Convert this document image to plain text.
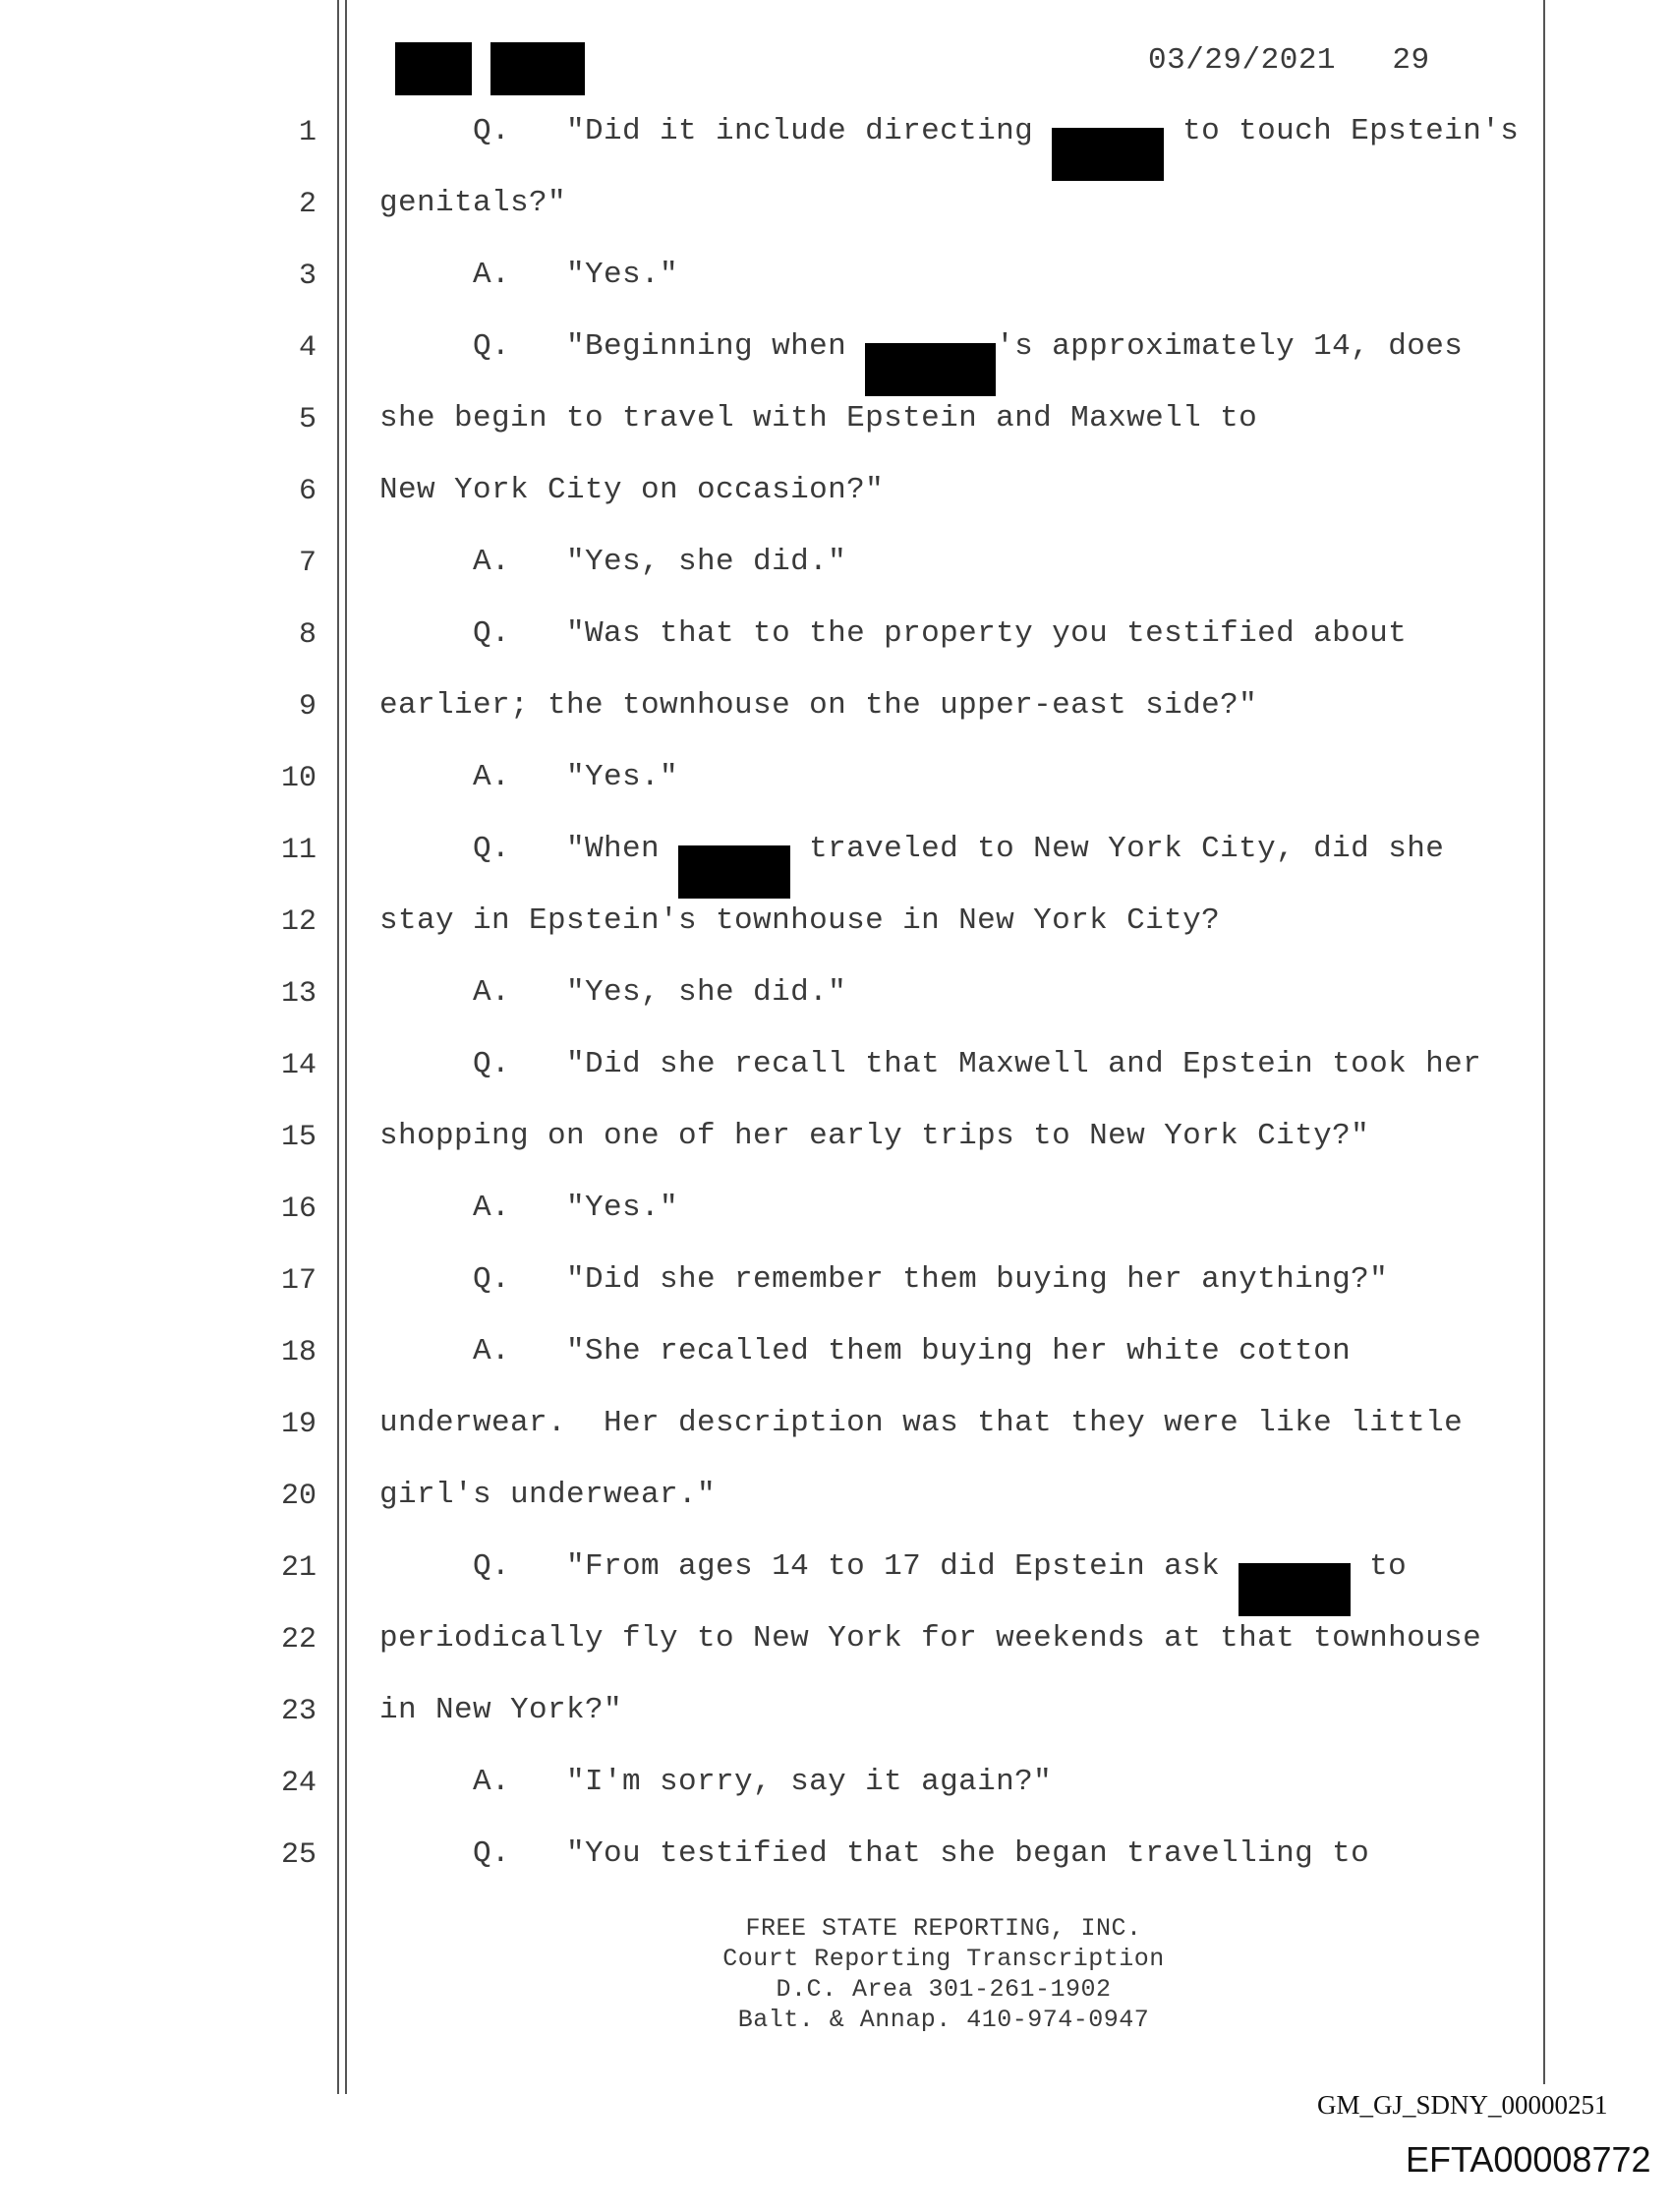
03/29/2021 29
1 Q.   "Did it include directing	to touch Epstein's
2 genitals?"
3 A.   "Yes."
4 Q.   "Beginning when	's approximately 14, does
5 she begin to travel with Epstein and Maxwell to
6 New York City on occasion?"
7 A.   "Yes, she did."
8 Q.   "Was that to the property you testified about
9 earlier; the townhouse on the upper-east side?"
10 A.   "Yes."
11 Q.   "When	traveled to New York City, did she
12 stay in Epstein's townhouse in New York City?
13 A.   "Yes, she did."
14 Q.   "Did she recall that Maxwell and Epstein took her
15 shopping on one of her early trips to New York City?"
16 A.   "Yes."
17 Q.   "Did she remember them buying her anything?"
18 A.   "She recalled them buying her white cotton
19 underwear.  Her description was that they were like little
20 girl's underwear."
21 Q.   "From ages 14 to 17 did Epstein ask	to
22 periodically fly to New York for weekends at that townhouse
23 in New York?"
24 A.   "I'm sorry, say it again?"
25 Q.   "You testified that she began travelling to
FREE STATE REPORTING, INC.
Court Reporting Transcription
D.C. Area 301-261-1902
Balt. & Annap. 410-974-0947
GM_GJ_SDNY_00000251
EFTA00008772
